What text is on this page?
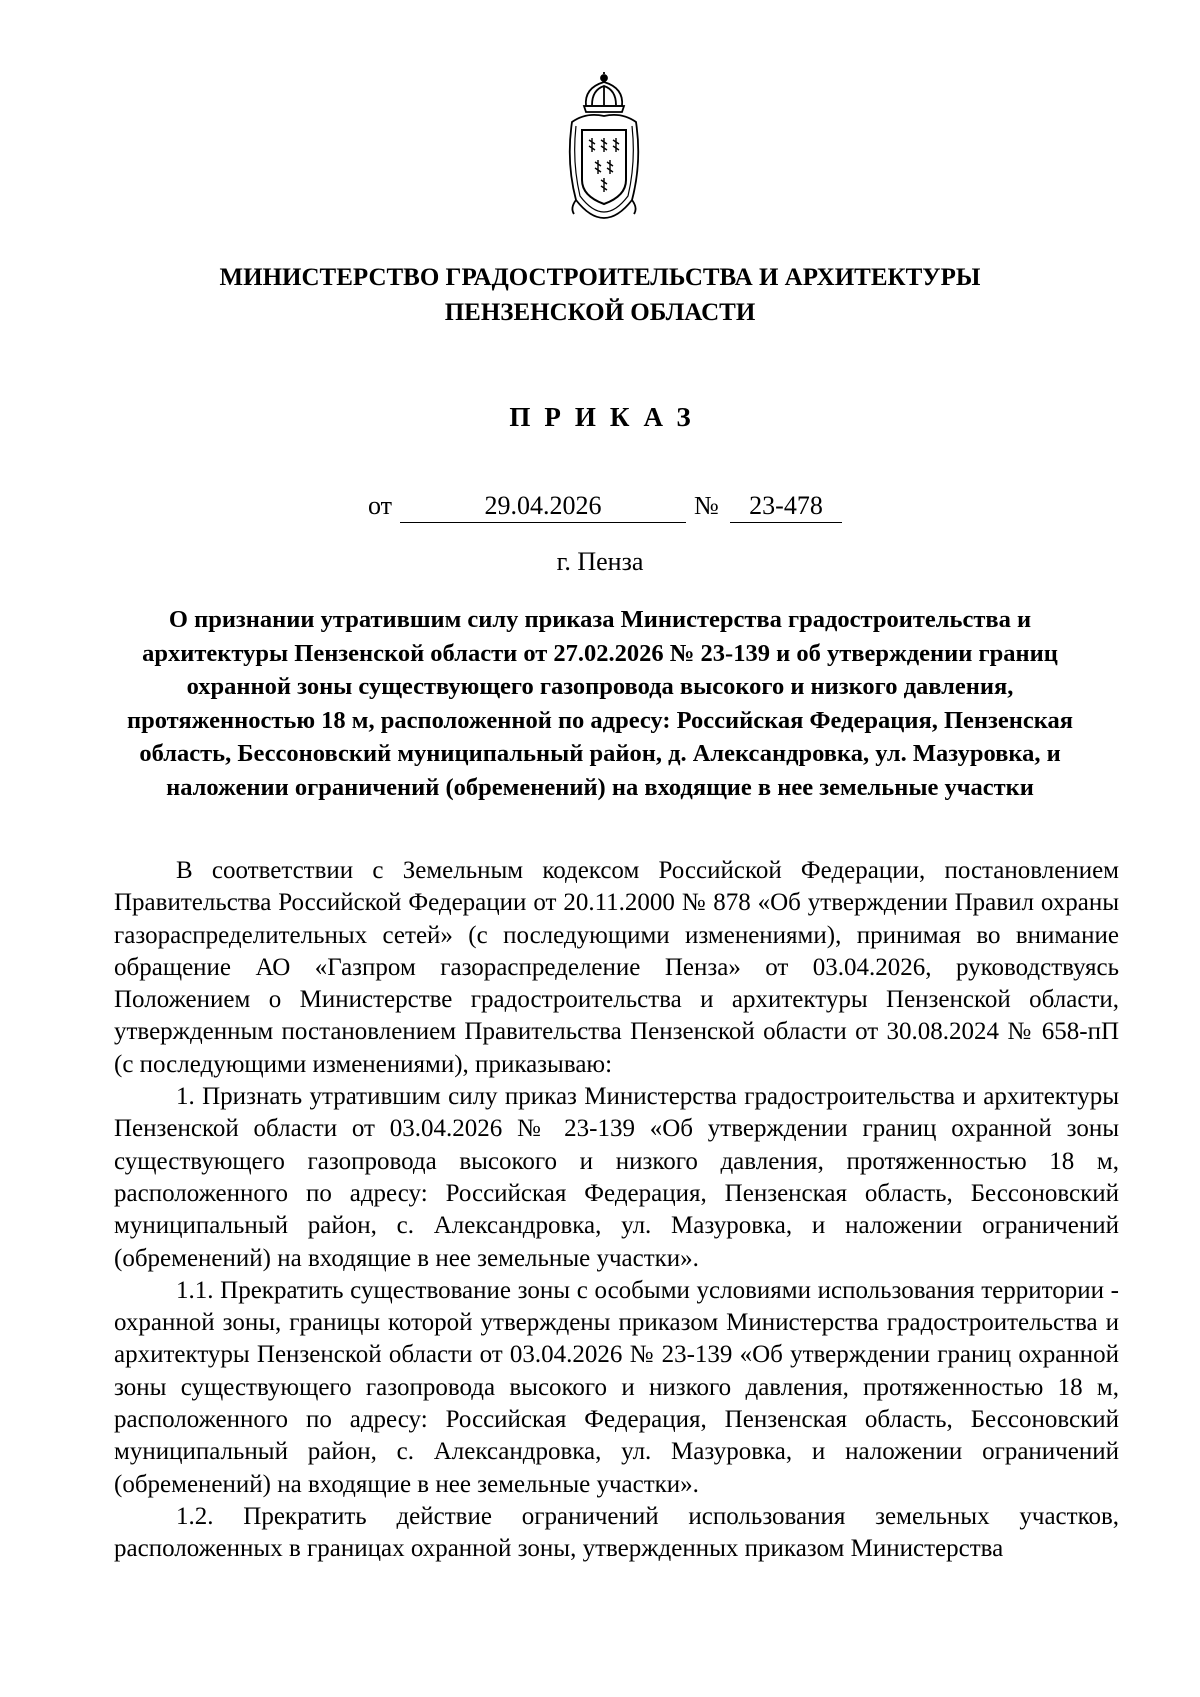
МИНИСТЕРСТВО ГРАДОСТРОИТЕЛЬСТВА И АРХИТЕКТУРЫ
ПЕНЗЕНСКОЙ ОБЛАСТИ
ПРИКАЗ
от	29.04.2026	№	23-478
г. Пенза
О признании утратившим силу приказа Министерства градостроительства и архитектуры Пензенской области от 27.02.2026 № 23-139 и об утверждении границ охранной зоны существующего газопровода высокого и низкого давления, протяженностью 18 м, расположенной по адресу: Российская Федерация, Пензенская область, Бессоновский муниципальный район, д. Александровка, ул. Мазуровка, и наложении ограничений (обременений) на входящие в нее земельные участки

В соответствии с Земельным кодексом Российской Федерации, постановлением Правительства Российской Федерации от 20.11.2000 № 878 «Об утверждении Правил охраны газораспределительных сетей» (с последующими изменениями), принимая во внимание обращение АО «Газпром газораспределение Пенза» от 03.04.2026, руководствуясь Положением о Министерстве градостроительства и архитектуры Пензенской области, утвержденным постановлением Правительства Пензенской области от 30.08.2024 № 658-пП (с последующими изменениями), приказываю:

1. Признать утратившим силу приказ Министерства градостроительства и архитектуры Пензенской области от 03.04.2026 № 23-139 «Об утверждении границ охранной зоны существующего газопровода высокого и низкого давления, протяженностью 18 м, расположенного по адресу: Российская Федерация, Пензенская область, Бессоновский муниципальный район, с. Александровка, ул. Мазуровка, и наложении ограничений (обременений) на входящие в нее земельные участки».

1.1. Прекратить существование зоны с особыми условиями использования территории - охранной зоны, границы которой утверждены приказом Министерства градостроительства и архитектуры Пензенской области от 03.04.2026 № 23-139 «Об утверждении границ охранной зоны существующего газопровода высокого и низкого давления, протяженностью 18 м, расположенного по адресу: Российская Федерация, Пензенская область, Бессоновский муниципальный район, с. Александровка, ул. Мазуровка, и наложении ограничений (обременений) на входящие в нее земельные участки».

1.2. Прекратить действие ограничений использования земельных участков, расположенных в границах охранной зоны, утвержденных приказом Министерства
